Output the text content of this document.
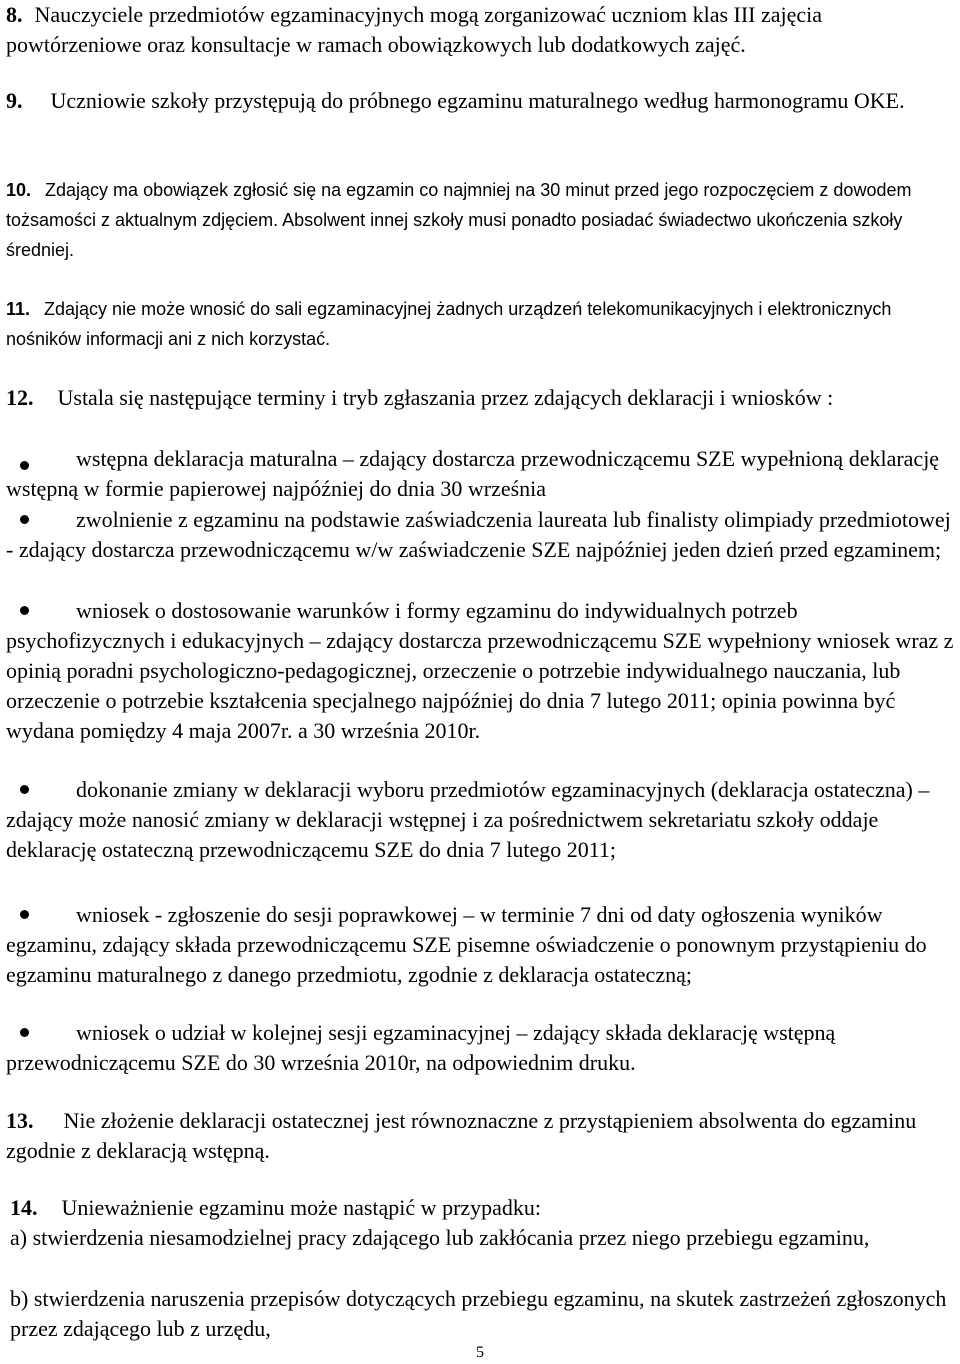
8. Nauczyciele przedmiotów egzaminacyjnych mogą zorganizować uczniom klas III zajęcia powtórzeniowe oraz konsultacje w ramach obowiązkowych lub dodatkowych zajęć.

9. Uczniowie szkoły przystępują do próbnego egzaminu maturalnego według harmonogramu OKE.

10. Zdający ma obowiązek zgłosić się na egzamin co najmniej na 30 minut przed jego rozpoczęciem z dowodem tożsamości z aktualnym zdjęciem. Absolwent innej szkoły musi ponadto posiadać świadectwo ukończenia szkoły średniej.

11. Zdający nie może wnosić do sali egzaminacyjnej żadnych urządzeń telekomunikacyjnych i elektronicznych nośników informacji ani z nich korzystać.

12. Ustala się następujące terminy i tryb zgłaszania przez zdających deklaracji i wniosków :

wstępna deklaracja maturalna – zdający dostarcza przewodniczącemu SZE wypełnioną deklarację wstępną w formie papierowej najpóźniej do dnia 30 września

zwolnienie z egzaminu na podstawie zaświadczenia laureata lub finalisty olimpiady przedmiotowej - zdający dostarcza przewodniczącemu w/w zaświadczenie SZE najpóźniej jeden dzień przed egzaminem;

wniosek o dostosowanie warunków i formy egzaminu do indywidualnych potrzeb psychofizycznych i edukacyjnych – zdający dostarcza przewodniczącemu SZE wypełniony wniosek wraz z opinią poradni psychologiczno-pedagogicznej, orzeczenie o potrzebie indywidualnego nauczania, lub orzeczenie o potrzebie kształcenia specjalnego najpóźniej do dnia 7 lutego 2011; opinia powinna być wydana pomiędzy 4 maja 2007r. a 30 września 2010r.

dokonanie zmiany w deklaracji wyboru przedmiotów egzaminacyjnych (deklaracja ostateczna) – zdający może nanosić zmiany w deklaracji wstępnej i za pośrednictwem sekretariatu szkoły oddaje deklarację ostateczną przewodniczącemu SZE do dnia 7 lutego 2011;

wniosek - zgłoszenie do sesji poprawkowej – w terminie 7 dni od daty ogłoszenia wyników egzaminu, zdający składa przewodniczącemu SZE pisemne oświadczenie o ponownym przystąpieniu do egzaminu maturalnego z danego przedmiotu, zgodnie z deklaracja ostateczną;

wniosek o udział w kolejnej sesji egzaminacyjnej – zdający składa deklarację wstępną przewodniczącemu SZE do 30 września 2010r, na odpowiednim druku.

13. Nie złożenie deklaracji ostatecznej jest równoznaczne z przystąpieniem absolwenta do egzaminu zgodnie z deklaracją wstępną.

14. Unieważnienie egzaminu może nastąpić w przypadku:

a) stwierdzenia niesamodzielnej pracy zdającego lub zakłócania przez niego przebiegu egzaminu,

b) stwierdzenia naruszenia przepisów dotyczących przebiegu egzaminu, na skutek zastrzeżeń zgłoszonych przez zdającego lub z urzędu,

5
